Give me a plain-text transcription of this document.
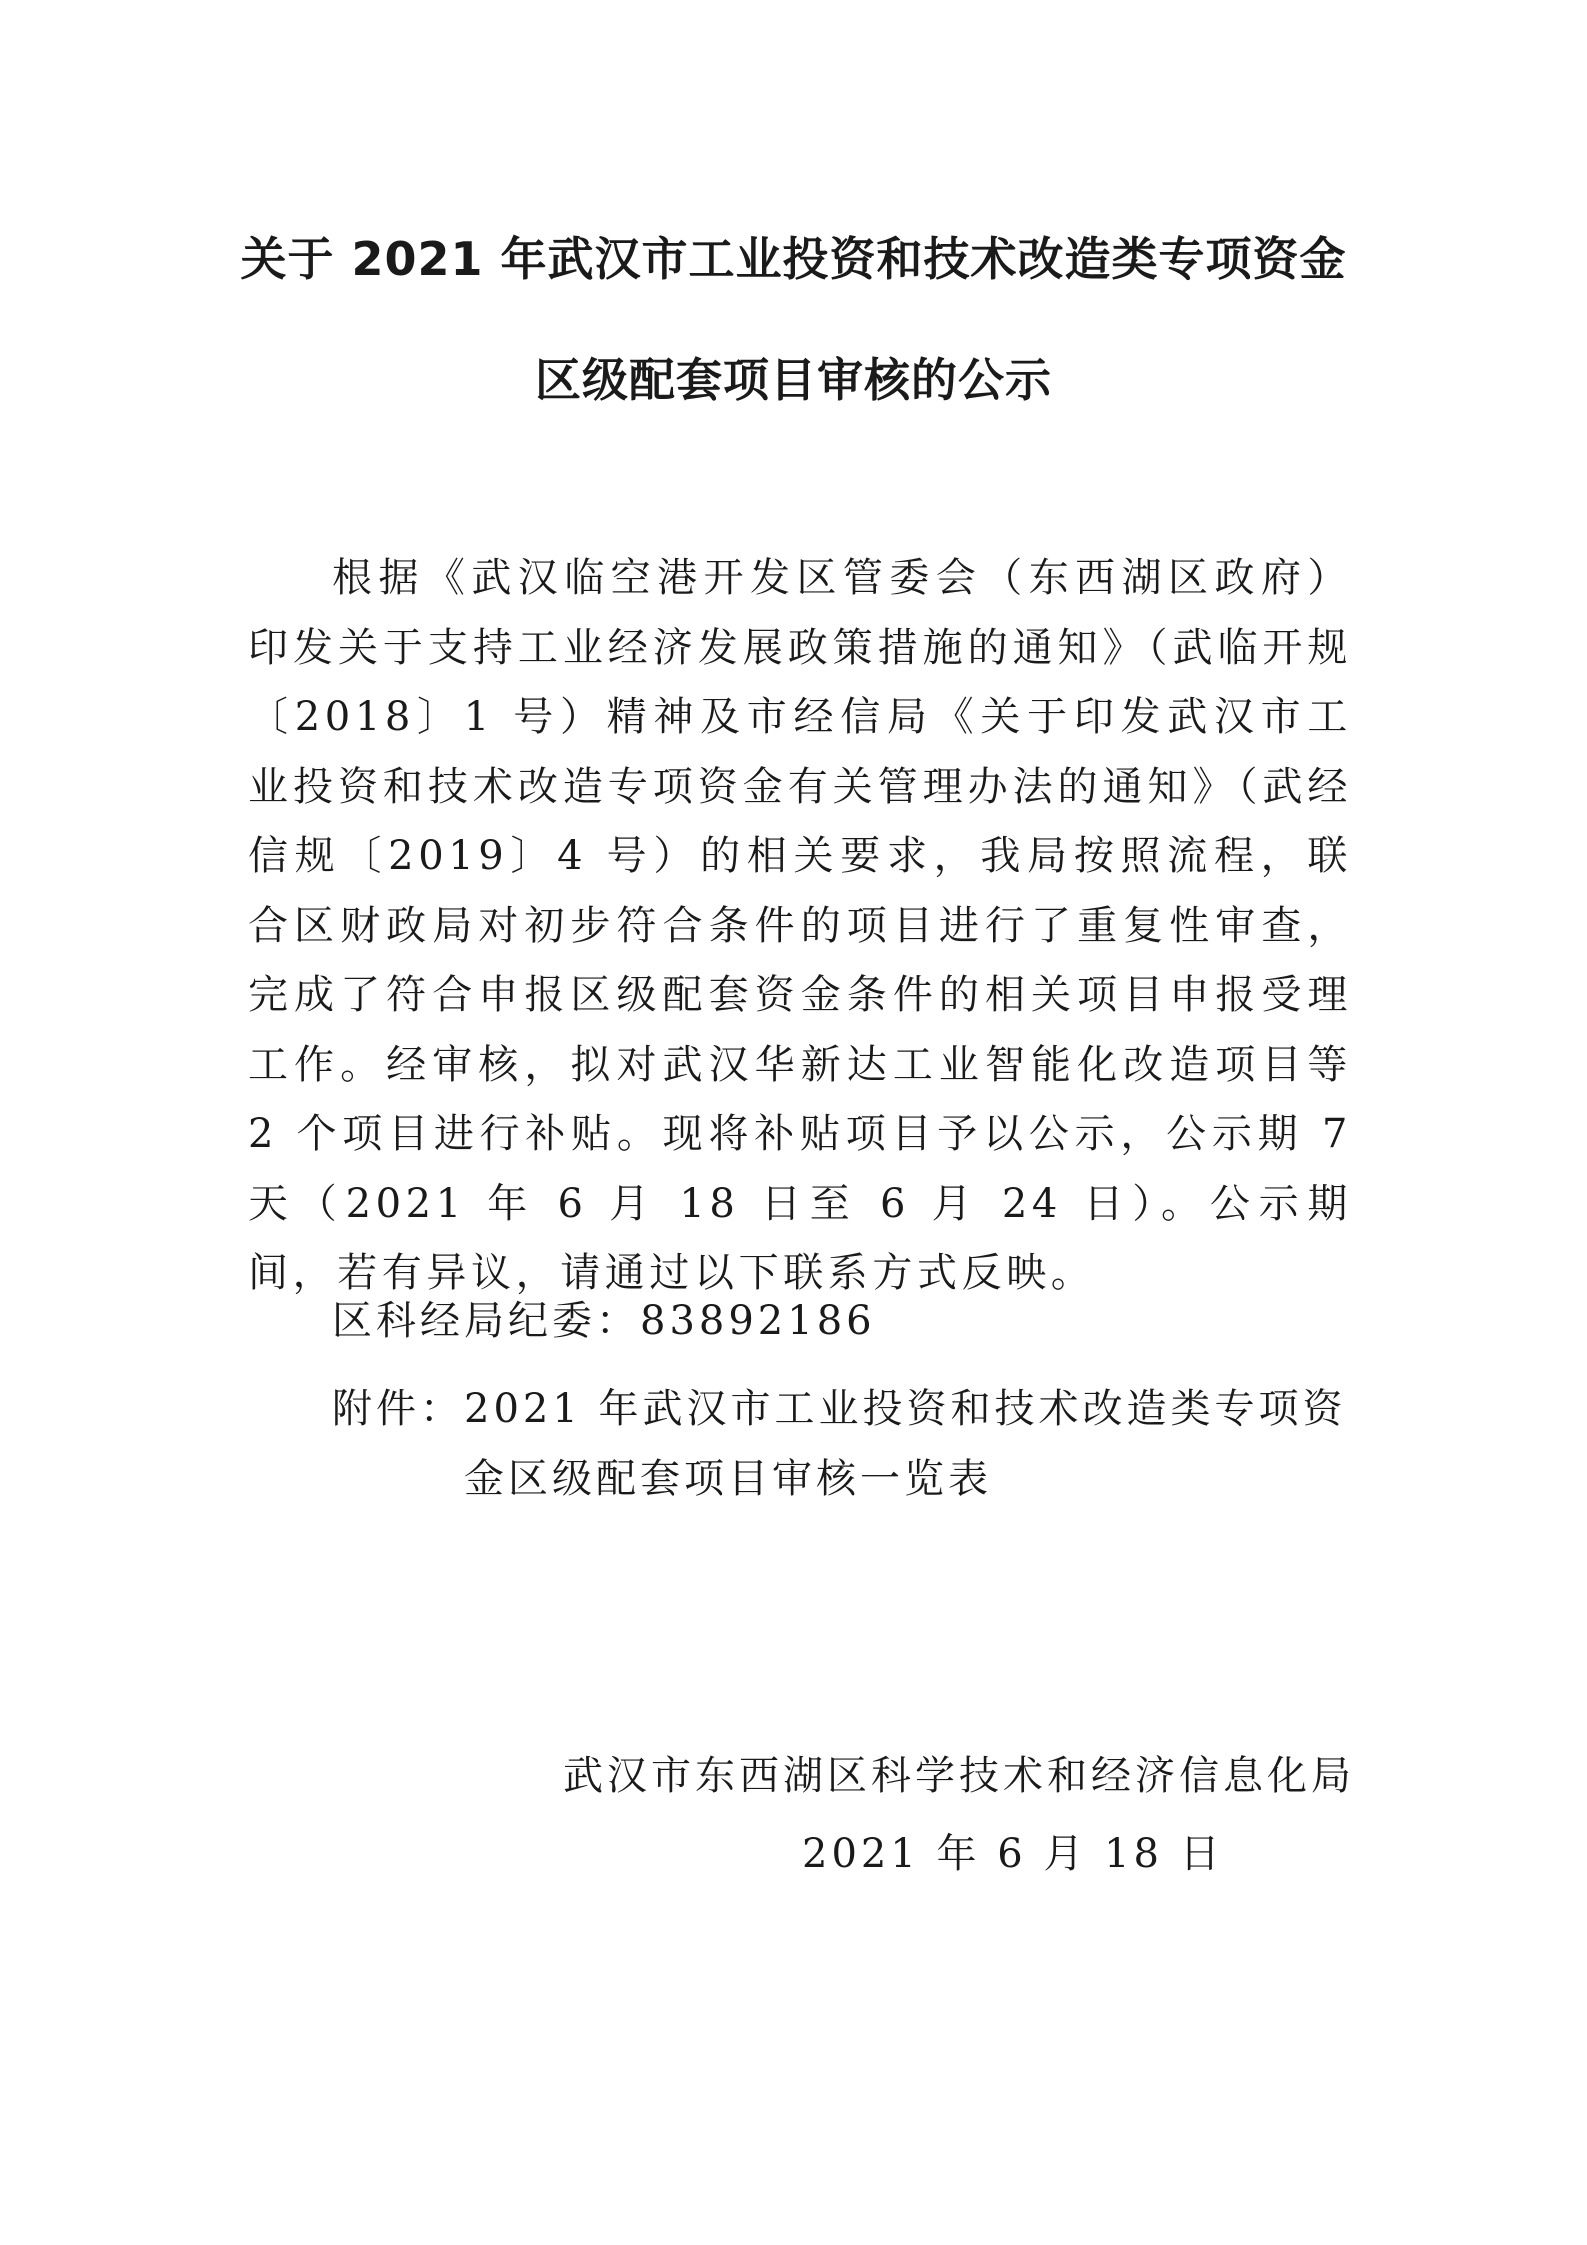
关于 2021 年武汉市工业投资和技术改造类专项资金
区级配套项目审核的公示

根据《武汉临空港开发区管委会（东西湖区政府）印发关于支持工业经济发展政策措施的通知》（武临开规〔2018〕1 号）精神及市经信局《关于印发武汉市工业投资和技术改造专项资金有关管理办法的通知》（武经信规〔2019〕4 号）的相关要求，我局按照流程，联合区财政局对初步符合条件的项目进行了重复性审查，完成了符合申报区级配套资金条件的相关项目申报受理工作。经审核，拟对武汉华新达工业智能化改造项目等 2 个项目进行补贴。现将补贴项目予以公示，公示期 7 天（2021 年 6 月 18 日至 6 月 24 日）。公示期间，若有异议，请通过以下联系方式反映。

区科经局纪委：83892186
附件： 2021 年武汉市工业投资和技术改造类专项资金区级配套项目审核一览表
武汉市东西湖区科学技术和经济信息化局
2021 年 6 月 18 日
